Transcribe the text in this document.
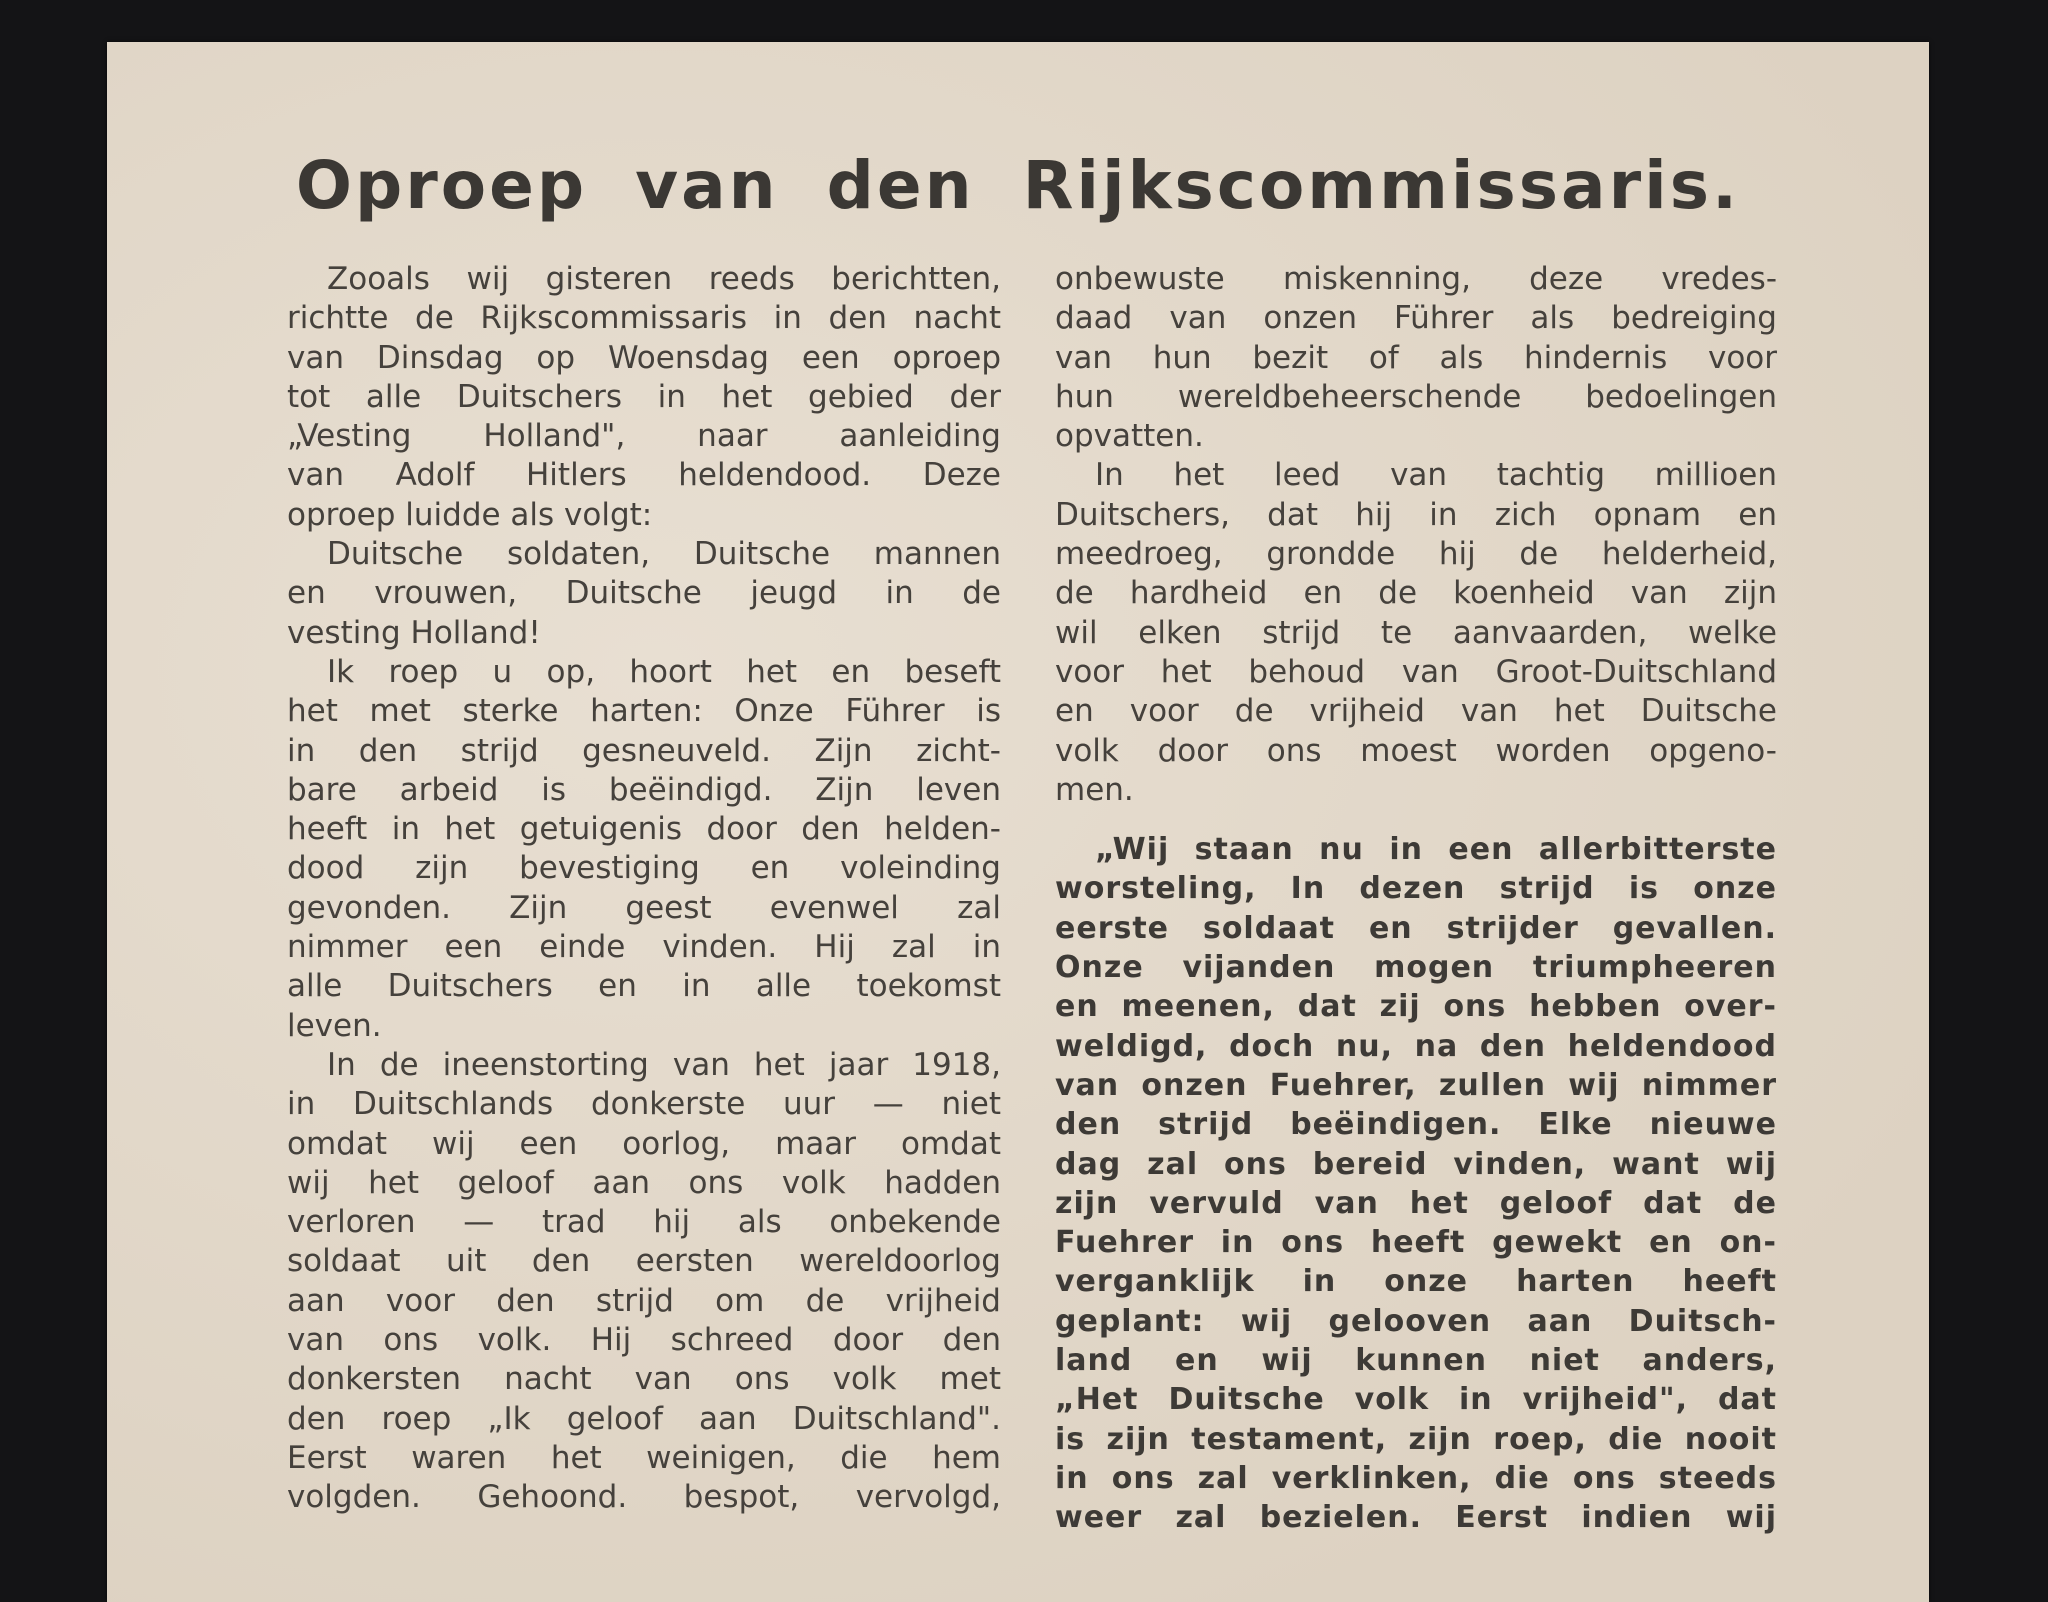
Oproep van den Rijkscommissaris.
Zooals wij gisteren reeds berichtten,
richtte de Rijkscommissaris in den nacht
van Dinsdag op Woensdag een oproep
tot alle Duitschers in het gebied der
„Vesting Holland", naar aanleiding
van Adolf Hitlers heldendood. Deze
oproep luidde als volgt:
Duitsche soldaten, Duitsche mannen
en vrouwen, Duitsche jeugd in de
vesting Holland!
Ik roep u op, hoort het en beseft
het met sterke harten: Onze Führer is
in den strijd gesneuveld. Zijn zicht-
bare arbeid is beëindigd. Zijn leven
heeft in het getuigenis door den helden-
dood zijn bevestiging en voleinding
gevonden. Zijn geest evenwel zal
nimmer een einde vinden. Hij zal in
alle Duitschers en in alle toekomst
leven.
In de ineenstorting van het jaar 1918,
in Duitschlands donkerste uur — niet
omdat wij een oorlog, maar omdat
wij het geloof aan ons volk hadden
verloren — trad hij als onbekende
soldaat uit den eersten wereldoorlog
aan voor den strijd om de vrijheid
van ons volk. Hij schreed door den
donkersten nacht van ons volk met
den roep „Ik geloof aan Duitschland".
Eerst waren het weinigen, die hem
volgden. Gehoond. bespot, vervolgd,
onbewuste miskenning, deze vredes-
daad van onzen Führer als bedreiging
van hun bezit of als hindernis voor
hun wereldbeheerschende bedoelingen
opvatten.
In het leed van tachtig millioen
Duitschers, dat hij in zich opnam en
meedroeg, grondde hij de helderheid,
de hardheid en de koenheid van zijn
wil elken strijd te aanvaarden, welke
voor het behoud van Groot-Duitschland
en voor de vrijheid van het Duitsche
volk door ons moest worden opgeno-
men.
„Wij staan nu in een allerbitterste
worsteling, In dezen strijd is onze
eerste soldaat en strijder gevallen.
Onze vijanden mogen triumpheeren
en meenen, dat zij ons hebben over-
weldigd, doch nu, na den heldendood
van onzen Fuehrer, zullen wij nimmer
den strijd beëindigen. Elke nieuwe
dag zal ons bereid vinden, want wij
zijn vervuld van het geloof dat de
Fuehrer in ons heeft gewekt en on-
verganklijk in onze harten heeft
geplant: wij gelooven aan Duitsch-
land en wij kunnen niet anders,
„Het Duitsche volk in vrijheid", dat
is zijn testament, zijn roep, die nooit
in ons zal verklinken, die ons steeds
weer zal bezielen. Eerst indien wij
